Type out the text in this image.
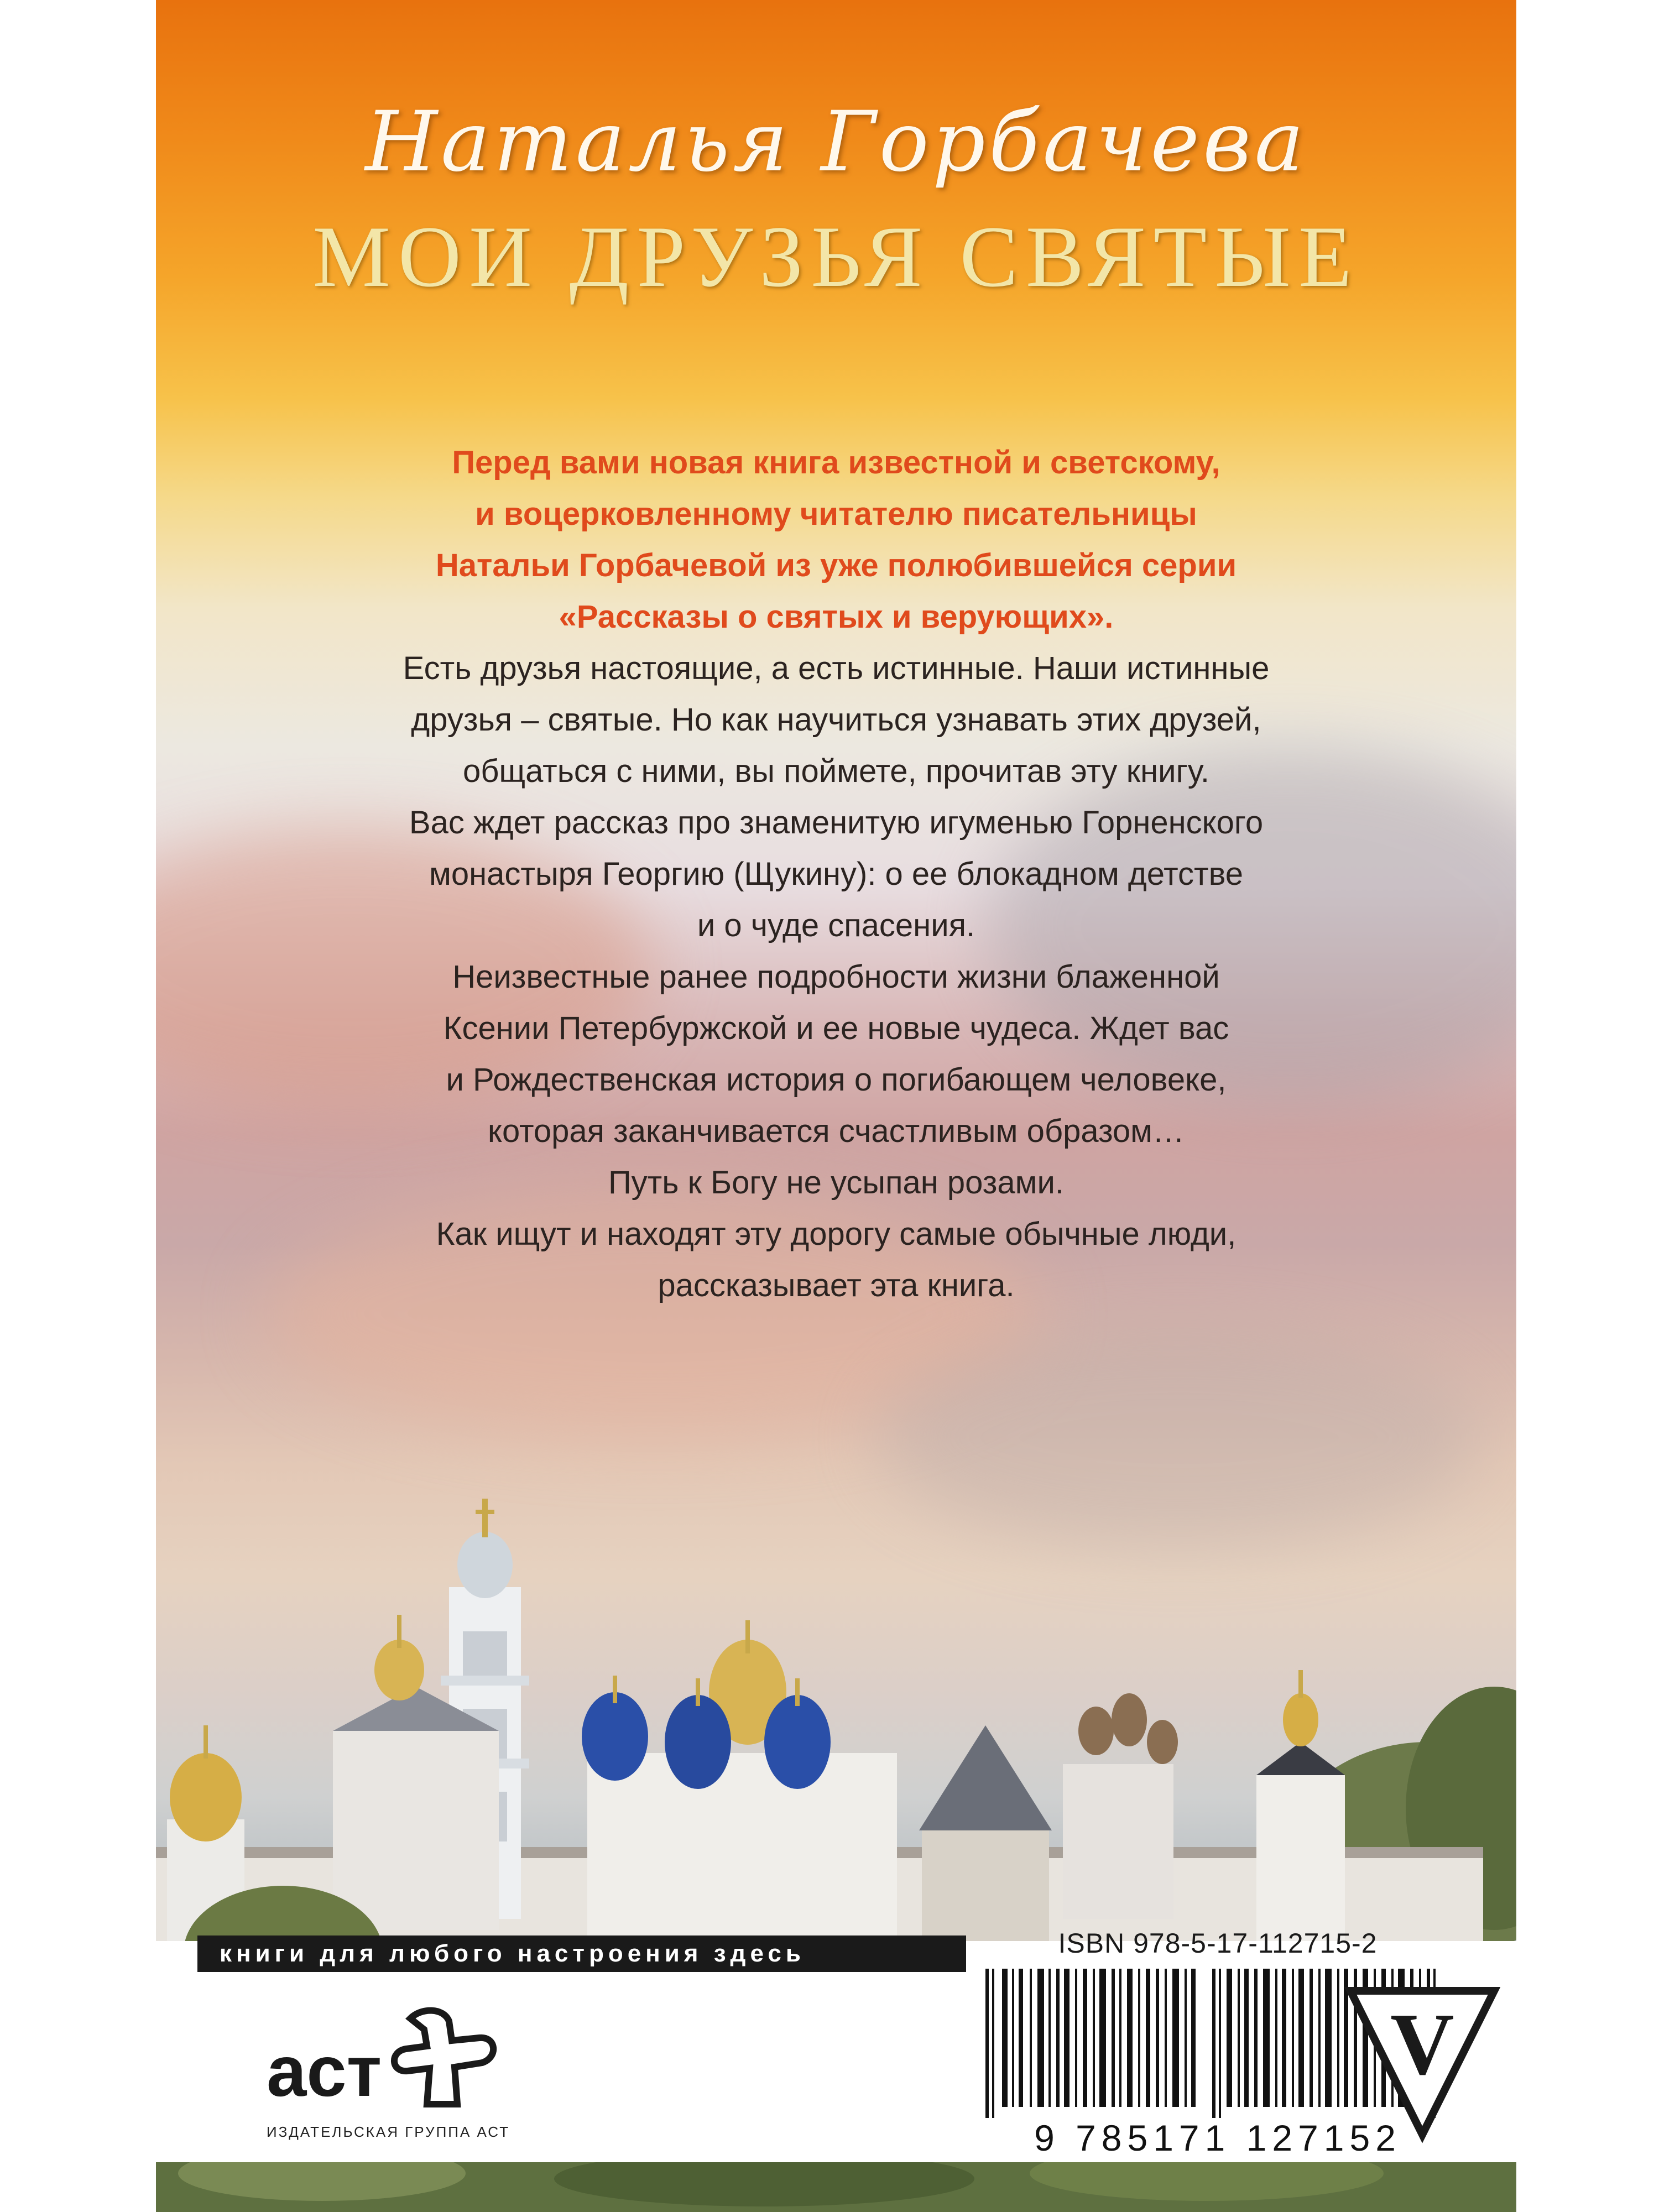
Наталья Горбачева
МОИ ДРУЗЬЯ СВЯТЫЕ

Перед вами новая книга известной и светскому,

и воцерковленному читателю писательницы

Натальи Горбачевой из уже полюбившейся серии

«Рассказы о святых и верующих».

Есть друзья настоящие, а есть истинные. Наши истинные

друзья – святые. Но как научиться узнавать этих друзей,

общаться с ними, вы поймете, прочитав эту книгу.

Вас ждет рассказ про знаменитую игуменью Горненского

монастыря Георгию (Щукину): о ее блокадном детстве

и о чуде спасения.

Неизвестные ранее подробности жизни блаженной

Ксении Петербуржской и ее новые чудеса. Ждет вас

и Рождественская история о погибающем человеке,

которая заканчивается счастливым образом…

Путь к Богу не усыпан розами.

Как ищут и находят эту дорогу самые обычные люди,

рассказывает эта книга.

книги для любого настроения здесь
аст
ИЗДАТЕЛЬСКАЯ ГРУППА АСТ
ISBN 978-5-17-112715-2
9 785171 127152
V
